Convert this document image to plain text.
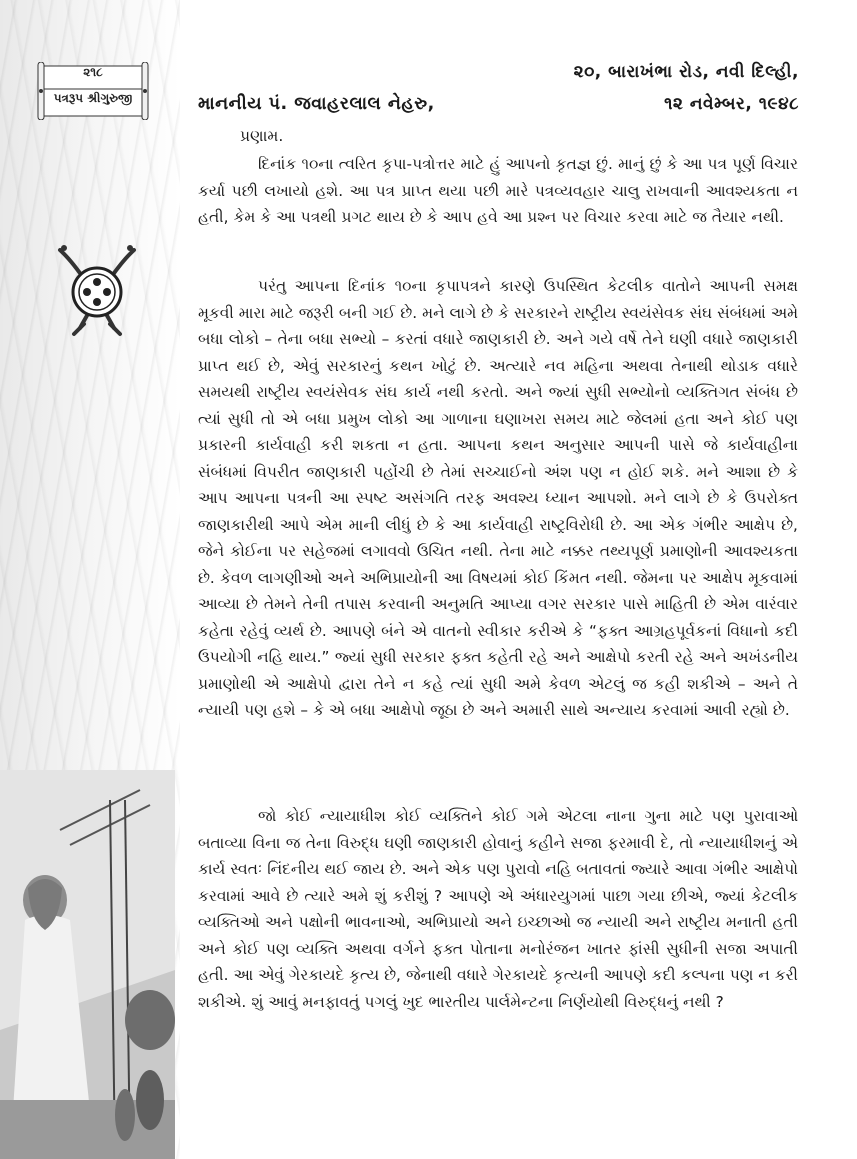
૨૧૮
પત્રરૂપ શ્રીગુરુજી
૨૦, બારાખંભા રોડ, નવી દિલ્હી,
માનનીય પં. જવાહરલાલ નેહરુ,	૧૨ નવેમ્બર, ૧૯૪૮
પ્રણામ.

દિનાંક ૧૦ના ત્વરિત કૃપા-પત્રોત્તર માટે હું આપનો કૃતજ્ઞ છું. માનું છું કે આ પત્ર પૂર્ણ વિચાર કર્યા પછી લખાયો હશે. આ પત્ર પ્રાપ્ત થયા પછી મારે પત્રવ્યવહાર ચાલુ રાખવાની આવશ્યકતા ન હતી, કેમ કે આ પત્રથી પ્રગટ થાય છે કે આપ હવે આ પ્રશ્ન પર વિચાર કરવા માટે જ તૈયાર નથી.

પરંતુ આપના દિનાંક ૧૦ના કૃપાપત્રને કારણે ઉપસ્થિત કેટલીક વાતોને આપની સમક્ષ મૂકવી મારા માટે જરૂરી બની ગઈ છે. મને લાગે છે કે સરકારને રાષ્ટ્રીય સ્વયંસેવક સંઘ સંબંધમાં અમે બધા લોકો – તેના બધા સભ્યો – કરતાં વધારે જાણકારી છે. અને ગયે વર્ષે તેને ઘણી વધારે જાણકારી પ્રાપ્ત થઈ છે, એવું સરકારનું કથન ખોટું છે. અત્યારે નવ મહિના અથવા તેનાથી થોડાક વધારે સમયથી રાષ્ટ્રીય સ્વયંસેવક સંઘ કાર્ય નથી કરતો. અને જ્યાં સુધી સભ્યોનો વ્યક્તિગત સંબંધ છે ત્યાં સુધી તો એ બધા પ્રમુખ લોકો આ ગાળાના ઘણાખરા સમય માટે જેલમાં હતા અને કોઈ પણ પ્રકારની કાર્યવાહી કરી શકતા ન હતા. આપના કથન અનુસાર આપની પાસે જે કાર્યવાહીના સંબંધમાં વિપરીત જાણકારી પહોંચી છે તેમાં સચ્ચાઈનો અંશ પણ ન હોઈ શકે. મને આશા છે કે આપ આપના પત્રની આ સ્પષ્ટ અસંગતિ તરફ અવશ્ય ધ્યાન આપશો. મને લાગે છે કે ઉપરોક્ત જાણકારીથી આપે એમ માની લીધું છે કે આ કાર્યવાહી રાષ્ટ્રવિરોધી છે. આ એક ગંભીર આક્ષેપ છે, જેને કોઈના પર સહેજમાં લગાવવો ઉચિત નથી. તેના માટે નક્કર તથ્યપૂર્ણ પ્રમાણોની આવશ્યકતા છે. કેવળ લાગણીઓ અને અભિપ્રાયોની આ વિષયમાં કોઈ કિંમત નથી. જેમના પર આક્ષેપ મૂકવામાં આવ્યા છે તેમને તેની તપાસ કરવાની અનુમતિ આપ્યા વગર સરકાર પાસે માહિતી છે એમ વારંવાર કહેતા રહેવું વ્યર્થ છે. આપણે બંને એ વાતનો સ્વીકાર કરીએ કે “ફક્ત આગ્રહપૂર્વકનાં વિધાનો કદી ઉપયોગી નહિ થાય.” જ્યાં સુધી સરકાર ફક્ત કહેતી રહે અને આક્ષેપો કરતી રહે અને અખંડનીય પ્રમાણોથી એ આક્ષેપો દ્વારા તેને ન કહે ત્યાં સુધી અમે કેવળ એટલું જ કહી શકીએ – અને તે ન્યાયી પણ હશે – કે એ બધા આક્ષેપો જૂઠા છે અને અમારી સાથે અન્યાય કરવામાં આવી રહ્યો છે.

જો કોઈ ન્યાયાધીશ કોઈ વ્યક્તિને કોઈ ગમે એટલા નાના ગુના માટે પણ પુરાવાઓ બતાવ્યા વિના જ તેના વિરુદ્ધ ઘણી જાણકારી હોવાનું કહીને સજા ફરમાવી દે, તો ન્યાયાધીશનું એ કાર્ય સ્વતઃ નિંદનીય થઈ જાય છે. અને એક પણ પુરાવો નહિ બતાવતાં જ્યારે આવા ગંભીર આક્ષેપો કરવામાં આવે છે ત્યારે અમે શું કરીશું ? આપણે એ અંધારયુગમાં પાછા ગયા છીએ, જ્યાં કેટલીક વ્યક્તિઓ અને પક્ષોની ભાવનાઓ, અભિપ્રાયો અને ઇચ્છાઓ જ ન્યાયી અને રાષ્ટ્રીય મનાતી હતી અને કોઈ પણ વ્યક્તિ અથવા વર્ગને ફક્ત પોતાના મનોરંજન ખાતર ફાંસી સુધીની સજા અપાતી હતી. આ એવું ગેરકાયદે કૃત્ય છે, જેનાથી વધારે ગેરકાયદે કૃત્યની આપણે કદી કલ્પના પણ ન કરી શકીએ. શું આવું મનફાવતું પગલું ખુદ ભારતીય પાર્લમેન્ટના નિર્ણયોથી વિરુદ્ધનું નથી ?
